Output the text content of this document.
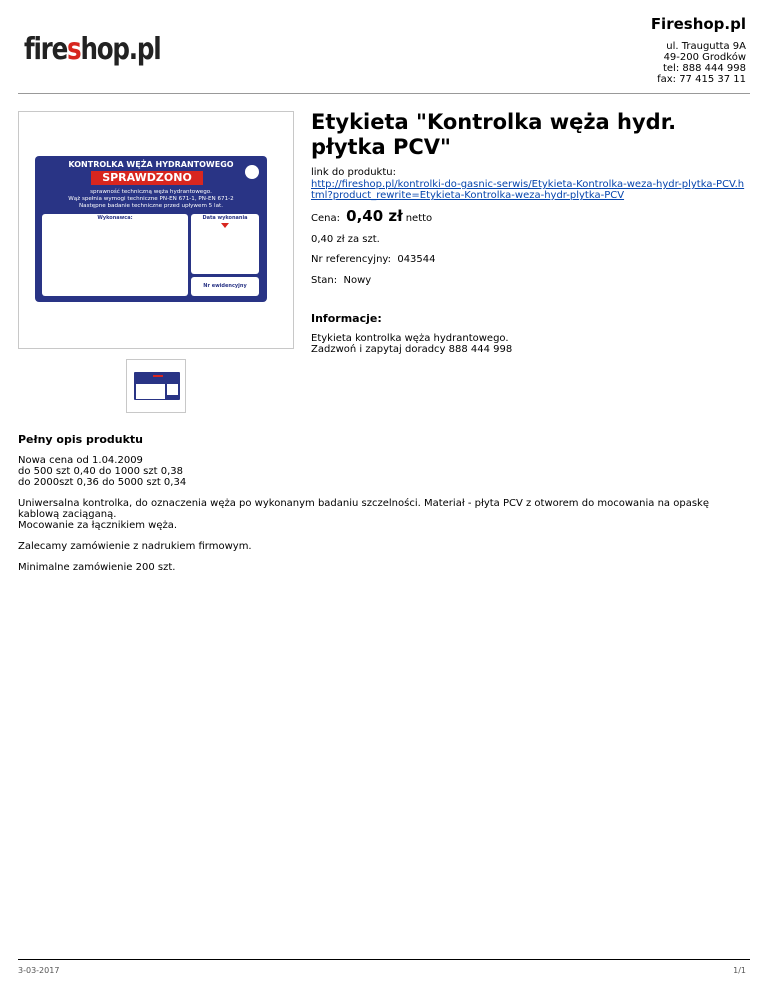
fireshop.pl
Fireshop.pl
ul. Traugutta 9A
49-200 Grodków
tel: 888 444 998
fax: 77 415 37 11
KONTROLKA WĘŻA HYDRANTOWEGO
SPRAWDZONO
sprawność techniczną węża hydrantowego.
Wąż spełnia wymogi techniczne PN-EN 671-1, PN-EN 671-2
Następne badanie techniczne przed upływem 5 lat.
Wykonawca:	Data wykonania
Nr ewidencyjny
Etykieta "Kontrolka węża hydr. płytka PCV"
link do produktu:
http://fireshop.pl/kontrolki-do-gasnic-serwis/Etykieta-Kontrolka-weza-hydr-plytka-PCV.html?product_rewrite=Etykieta-Kontrolka-weza-hydr-plytka-PCV
Cena: 0,40 zł netto
0,40 zł za szt.
Nr referencyjny: 043544
Stan: Nowy
Informacje:
Etykieta kontrolka węża hydrantowego.
Zadzwoń i zapytaj doradcy 888 444 998
Pełny opis produktu

Nowa cena od 1.04.2009
do 500 szt 0,40 do 1000 szt 0,38
do 2000szt 0,36 do 5000 szt 0,34

Uniwersalna kontrolka, do oznaczenia węża po wykonanym badaniu szczelności. Materiał - płyta PCV z otworem do mocowania na opaskę kablową zaciąganą.
Mocowanie za łącznikiem węża.

Zalecamy zamówienie z nadrukiem firmowym.

Minimalne zamówienie 200 szt.

3-03-2017	1/1
